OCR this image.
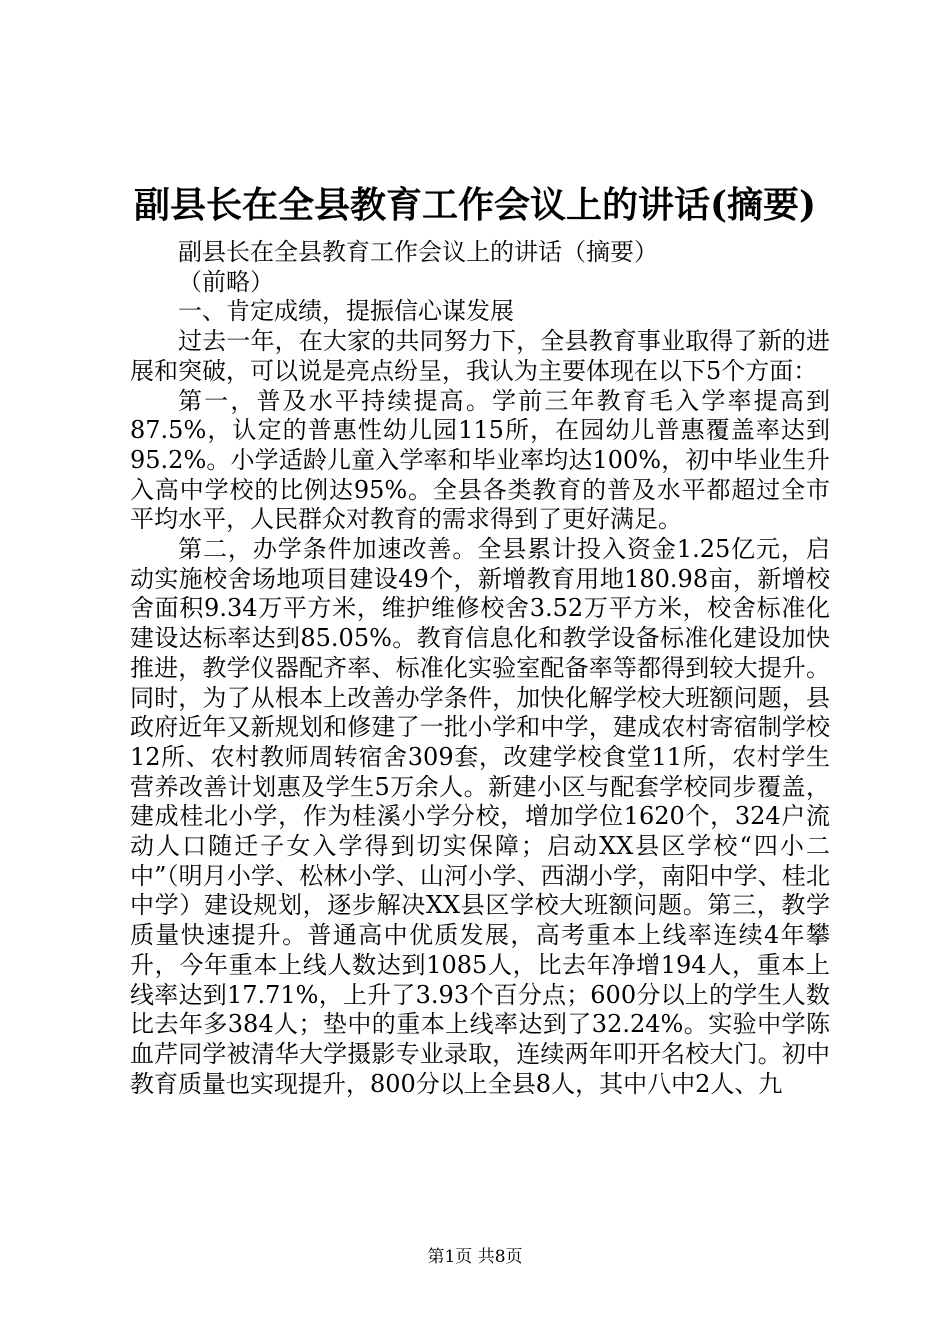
副县长在全县教育工作会议上的讲话(摘要)

副县长在全县教育工作会议上的讲话（摘要）

（前略）

一、肯定成绩，提振信心谋发展

过去一年，在大家的共同努力下，全县教育事业取得了新的进展和突破，可以说是亮点纷呈，我认为主要体现在以下5个方面：

第一，普及水平持续提高。学前三年教育毛入学率提高到87.5%，认定的普惠性幼儿园115所，在园幼儿普惠覆盖率达到95.2%。小学适龄儿童入学率和毕业率均达100%，初中毕业生升入高中学校的比例达95%。全县各类教育的普及水平都超过全市平均水平，人民群众对教育的需求得到了更好满足。

第二，办学条件加速改善。全县累计投入资金1.25亿元，启动实施校舍场地项目建设49个，新增教育用地180.98亩，新增校舍面积9.34万平方米，维护维修校舍3.52万平方米，校舍标准化建设达标率达到85.05%。教育信息化和教学设备标准化建设加快推进，教学仪器配齐率、标准化实验室配备率等都得到较大提升。同时，为了从根本上改善办学条件，加快化解学校大班额问题，县政府近年又新规划和修建了一批小学和中学，建成农村寄宿制学校12所、农村教师周转宿舍309套，改建学校食堂11所，农村学生营养改善计划惠及学生5万余人。新建小区与配套学校同步覆盖，建成桂北小学，作为桂溪小学分校，增加学位1620个，324户流动人口随迁子女入学得到切实保障；启动XX县区学校“四小二中”（明月小学、松林小学、山河小学、西湖小学，南阳中学、桂北中学）建设规划，逐步解决XX县区学校大班额问题。第三，教学质量快速提升。普通高中优质发展，高考重本上线率连续4年攀升，今年重本上线人数达到1085人，比去年净增194人，重本上线率达到17.71%，上升了3.93个百分点；600分以上的学生人数比去年多384人；垫中的重本上线率达到了32.24%。实验中学陈血芹同学被清华大学摄影专业录取，连续两年叩开名校大门。初中教育质量也实现提升，800分以上全县8人，其中八中2人、九

第1页 共8页
